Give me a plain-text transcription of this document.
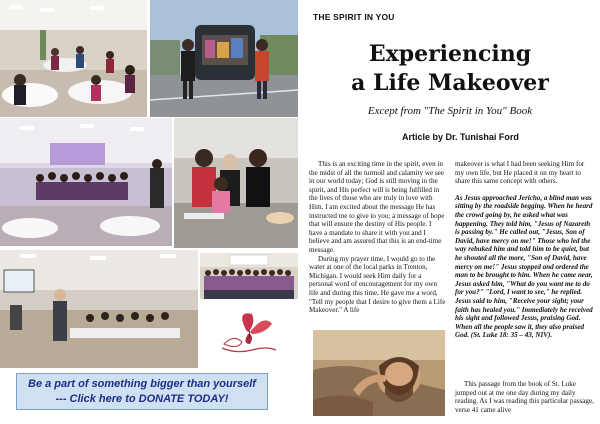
Be a part of something bigger than yourself
--- Click here to DONATE TODAY!
THE SPIRIT IN YOU
Experiencing
a Life Makeover
Except from "The Spirit in You" Book
Article by Dr. Tunishai Ford

This is an exciting time in the spirit, even in the midst of all the turmoil and calamity we see in our world today; God is still moving in the spirit, and His perfect will is being fulfilled in the lives of those who are truly in love with Him. I am excited about the message He has instructed me to give to you; a message of hope that will ensure the destiny of His people. I have a mandate to share it with you and I believe and am assured that this is an end-time message.

During my prayer time, I would go to the water at one of the local parks in Trenton, Michigan. I would seek Him daily for a personal word of encouragement for my own life and during this time, He gave me a word, "Tell my people that I desire to give them a Life Makeover." A life

makeover is what I had been seeking Him for my own life, but He placed it on my heart to share this same concept with others.

As Jesus approached Jericho, a blind man was sitting by the roadside begging. When he heard the crowd going by, he asked what was happening. They told him, "Jesus of Nazareth is passing by." He called out, "Jesus, Son of David, have mercy on me!" Those who led the way rebuked him and told him to be quiet, but he shouted all the more, "Son of David, have mercy on me!" Jesus stopped and ordered the man to be brought to him. When he came near, Jesus asked him, "What do you want me to do for you?" "Lord, I want to see," he replied. Jesus said to him, "Receive your sight; your faith has healed you." Immediately he received his sight and followed Jesus, praising God. When all the people saw it, they also praised God. (St. Luke 18: 35 – 43, NIV).

This passage from the book of St. Luke jumped out at me one day during my daily reading. As I was reading this particular passage, verse 41 came alive
